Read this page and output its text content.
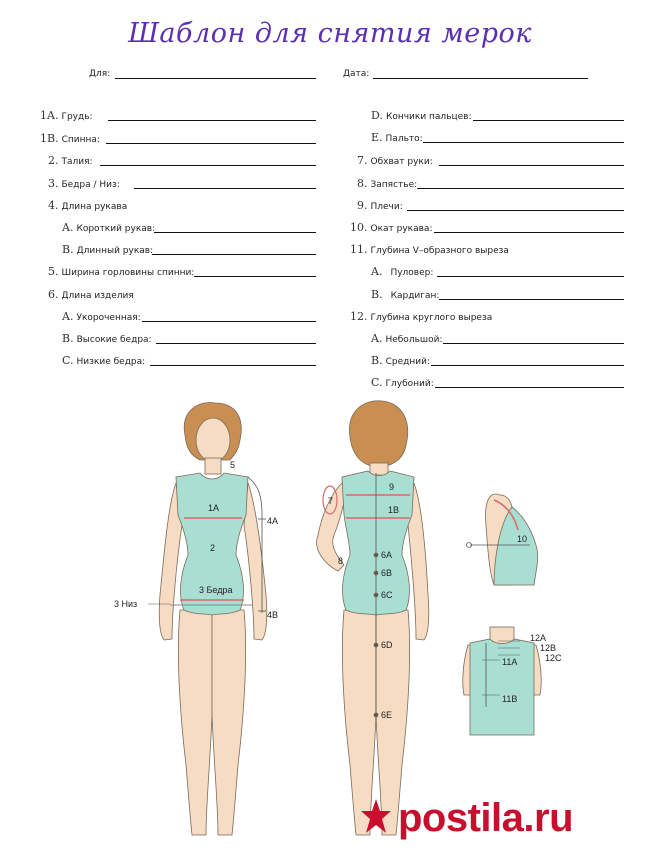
Шаблон для снятия мерок
Для:	Дата:
1A. Грудь:
1B. Спинна:
2. Талия:
3. Бедра / Низ:
4. Длина рукава
A. Короткий рукав:
B. Длинный рукав:
5. Ширина горловины спинни:
6. Длина изделия
A. Укороченная:
B. Высокие бедра:
C. Низкие бедра:
D. Кончики пальцев:
E. Пальто:
7. Обхват руки:
8. Запястье:
9. Плечи:
10. Окат рукава:
11. Глубина V–образного выреза
A. Пуловер:
B. Кардиган:
12. Глубина круглого выреза
A. Небольшой:
B. Средний:
C. Глубоний:
1A
2
3 Бедра
4A
4B
5
3 Низ
9
1B
7
8
6A
6B
6C
6D
6E
10
12A
12B
12C
11A
11B
postila.ru
